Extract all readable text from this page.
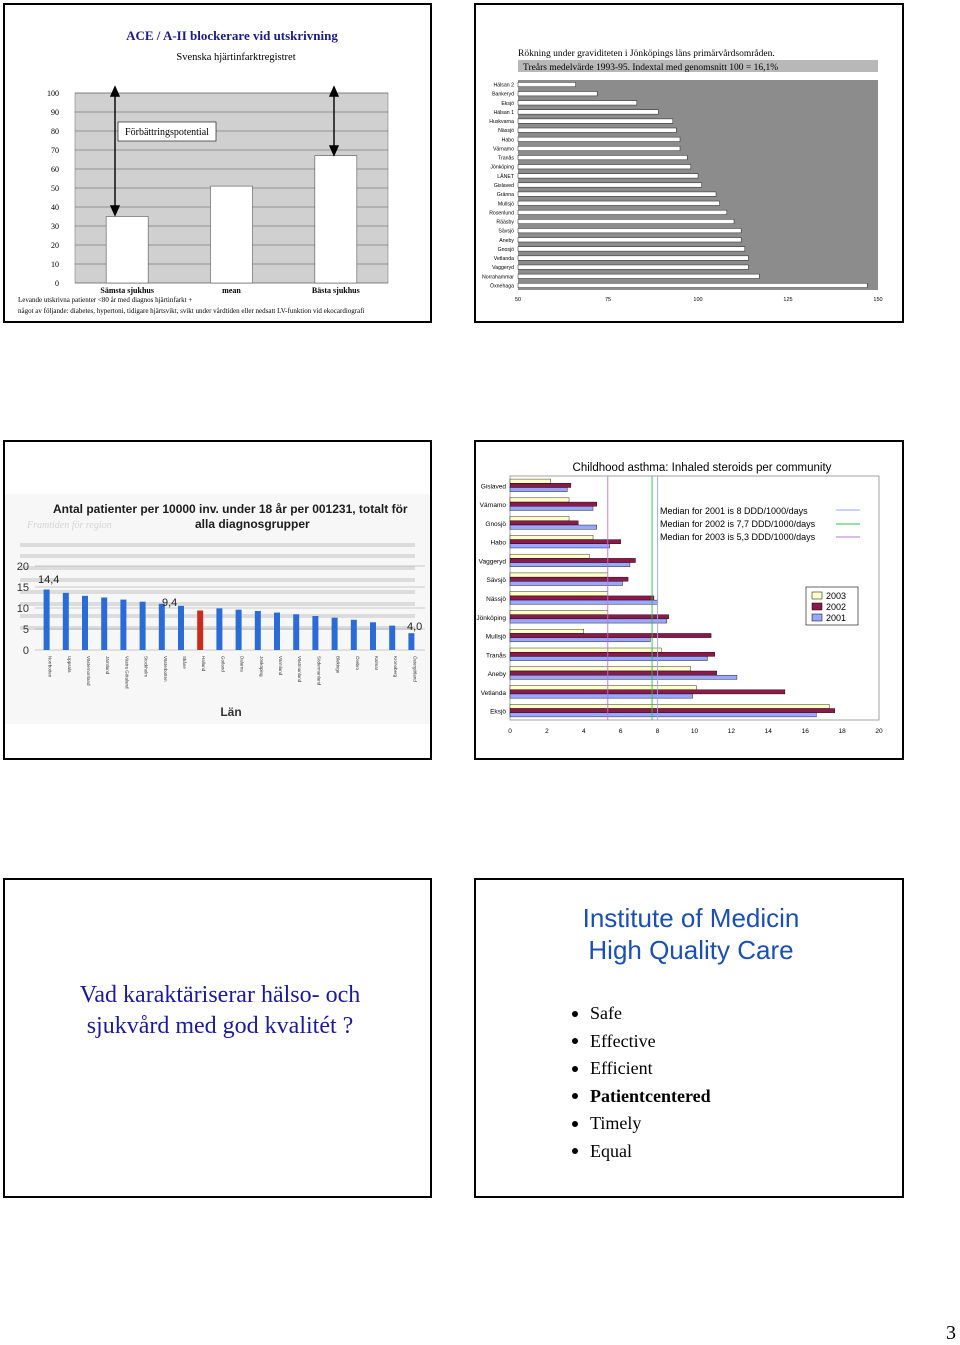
ACE / A-II blockerare vid utskrivning
Svenska hjärtinfarktregistret
100
90
80
70
60
50
40
30
20
10
0
Sämsta sjukhus	mean	Bästa sjukhus
Förbättringspotential
Levande utskrivna patienter <80 år med diagnos hjärtinfarkt +
något av följande: diabetes, hypertoni, tidigare hjärtsvikt, svikt under vårdtiden eller nedsatt LV-funktion vid ekocardiografi
Rökning under graviditeten i Jönköpings läns primärvårdsområden.
Treårs medelvärde 1993-95. Indextal med genomsnitt 100 = 16,1%
Hälsan 2
Bankeryd
Eksjö
Hälsan 1
Huskvarna
Nässjö
Habo
Värnamo
Tranås
Jönköping
LÄNET
Gislaved
Gränna
Mullsjö
Rosenlund
Rääsby
Sävsjö
Aneby
Gnosjö
Vetlanda
Vaggeryd
Norrahammar
Öxnehaga
50	75	100	125	150
Antal patienter per 10000 inv. under 18 år per 001231, totalt för
alla diagnosgrupper
Framtiden för region
20
15
10
5
0
Norrbotten	Uppsala	Västernorrland	Jämtland	Västra Götaland	Stockholm	Västerbotten	Skåne	Halland	Gotland	Dalarna	Jönköping	Värmland	Västmanland	Södermanland	Blekinge	Örebro	Kalmar	Kronoberg	Östergötland
14,4
9,4
4,0
Län
Childhood asthma: Inhaled steroids per community
Gislaved
Värnamo
Gnosjö
Habo
Vaggeryd
Sävsjö
Nässjö
Jönköping
Mullsjö
Tranås
Aneby
Vetlanda
Eksjö
0	2	4	6	8	10	12	14	16	18	20
Median for 2001 is 8 DDD/1000/days
Median for 2002 is 7,7 DDD/1000/days
Median for 2003 is 5,3 DDD/1000/days
2003
2002
2001
Vad karaktäriserar hälso- och
sjukvård med god kvalitét ?
Institute of Medicin
High Quality Care
Safe
Effective
Efficient
Patientcentered
Timely
Equal
3
